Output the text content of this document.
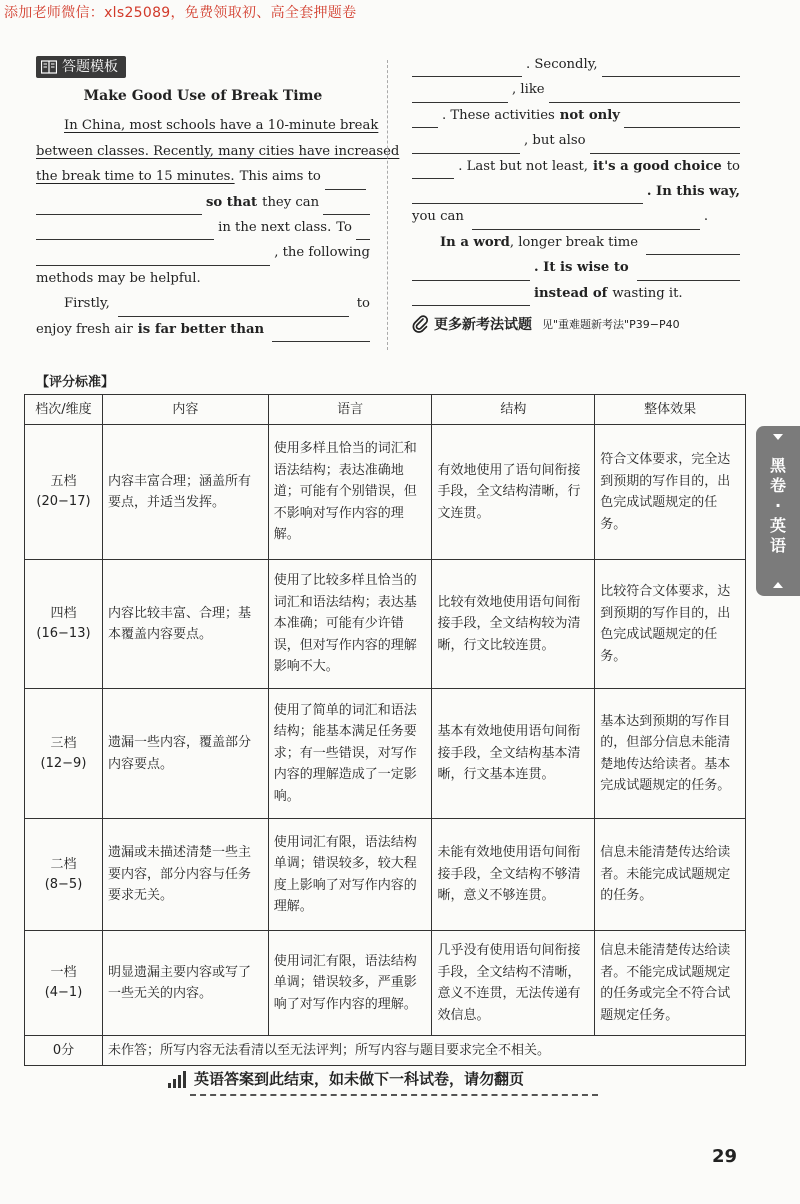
添加老师微信：xls25089，免费领取初、高全套押题卷
答题模板
Make Good Use of Break Time
In China, most schools have a 10-minute break
between classes. Recently, many cities have increased
the break time to 15 minutes. This aims to
so that they can
in the next class. To
, the following
methods may be helpful.
Firstly,	to
enjoy fresh air is far better than
. Secondly,
, like
. These activities not only
, but also
. Last but not least, it's a good choice to
. In this way,
you can	.
In a word , longer break time
. It is wise to
instead of wasting it.
更多新考法试题 见"重难题新考法"P39−P40
【评分标准】
档次/维度	内容	语言	结构	整体效果

五档
(20−17)	内容丰富合理；涵盖所有要点，并适当发挥。	使用多样且恰当的词汇和语法结构；表达准确地道；可能有个别错误，但不影响对写作内容的理解。	有效地使用了语句间衔接手段，全文结构清晰，行文连贯。	符合文体要求，完全达到预期的写作目的，出色完成试题规定的任务。

四档
(16−13)	内容比较丰富、合理；基本覆盖内容要点。	使用了比较多样且恰当的词汇和语法结构；表达基本准确；可能有少许错误，但对写作内容的理解影响不大。	比较有效地使用语句间衔接手段，全文结构较为清晰，行文比较连贯。	比较符合文体要求，达到预期的写作目的，出色完成试题规定的任务。

三档
(12−9)	遗漏一些内容，覆盖部分内容要点。	使用了简单的词汇和语法结构；能基本满足任务要求；有一些错误，对写作内容的理解造成了一定影响。	基本有效地使用语句间衔接手段，全文结构基本清晰，行文基本连贯。	基本达到预期的写作目的，但部分信息未能清楚地传达给读者。基本完成试题规定的任务。

二档
(8−5)	遗漏或未描述清楚一些主要内容，部分内容与任务要求无关。	使用词汇有限，语法结构单调；错误较多，较大程度上影响了对写作内容的理解。	未能有效地使用语句间衔接手段，全文结构不够清晰，意义不够连贯。	信息未能清楚传达给读者。未能完成试题规定的任务。

一档
(4−1)	明显遗漏主要内容或写了一些无关的内容。	使用词汇有限，语法结构单调；错误较多，严重影响了对写作内容的理解。	几乎没有使用语句间衔接手段，全文结构不清晰，意义不连贯，无法传递有效信息。	信息未能清楚传达给读者。不能完成试题规定的任务或完全不符合试题规定任务。
0分	未作答；所写内容无法看清以至无法评判；所写内容与题目要求完全不相关。			
黑
卷
·
英
语
英语答案到此结束，如未做下一科试卷，请勿翻页
29
